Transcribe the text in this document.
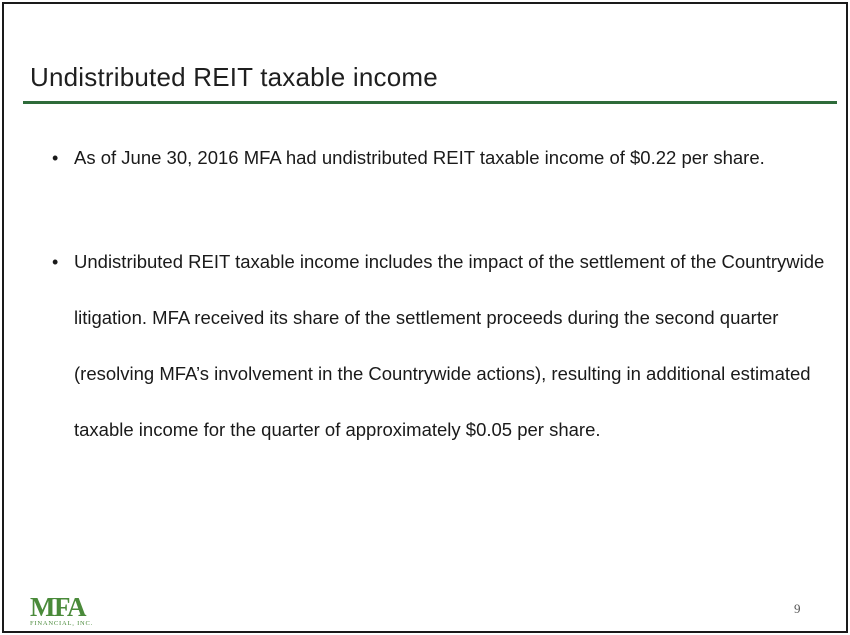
Undistributed REIT taxable income
• As of June 30, 2016 MFA had undistributed REIT taxable income of $0.22 per share.
• Undistributed REIT taxable income includes the impact of the settlement of the Countrywide litigation. MFA received its share of the settlement proceeds during the second quarter (resolving MFA’s involvement in the Countrywide actions), resulting in additional estimated taxable income for the quarter of approximately $0.05 per share.
MFA
FINANCIAL, INC.
9
